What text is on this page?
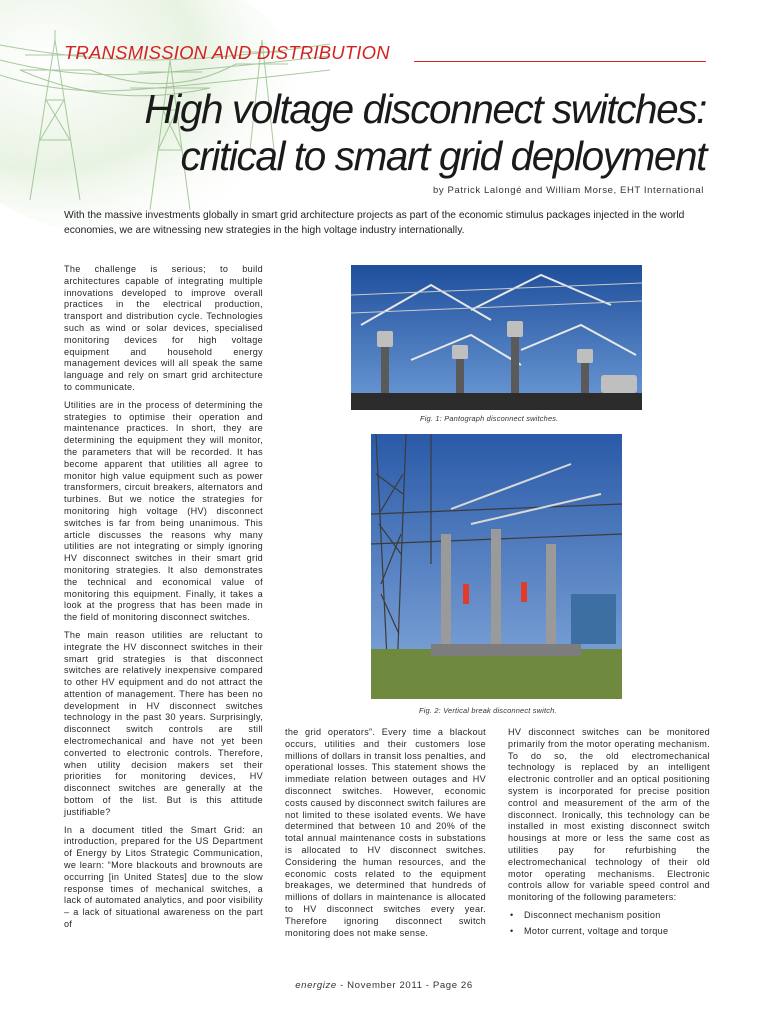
TRANSMISSION AND DISTRIBUTION
High voltage disconnect switches:
critical to smart grid deployment
by Patrick Lalongé and William Morse, EHT International
With the massive investments globally in smart grid architecture projects as part of the economic stimulus packages injected in the world economies, we are witnessing new strategies in the high voltage industry internationally.

The challenge is serious; to build architectures capable of integrating multiple innovations developed to improve overall practices in the electrical production, transport and distribution cycle. Technologies such as wind or solar devices, specialised monitoring devices for high voltage equipment and household energy management devices will all speak the same language and rely on smart grid architecture to communicate.

Utilities are in the process of determining the strategies to optimise their operation and maintenance practices. In short, they are determining the equipment they will monitor, the parameters that will be recorded. It has become apparent that utilities all agree to monitor high value equipment such as power transformers, circuit breakers, alternators and turbines. But we notice the strategies for monitoring high voltage (HV) disconnect switches is far from being unanimous. This article discusses the reasons why many utilities are not integrating or simply ignoring HV disconnect switches in their smart grid monitoring strategies. It also demonstrates the technical and economical value of monitoring this equipment. Finally, it takes a look at the progress that has been made in the field of monitoring disconnect switches.

The main reason utilities are reluctant to integrate the HV disconnect switches in their smart grid strategies is that disconnect switches are relatively inexpensive compared to other HV equipment and do not attract the attention of management. There has been no development in HV disconnect switches technology in the past 30 years. Surprisingly, disconnect switch controls are still electromechanical and have not yet been converted to electronic controls. Therefore, when utility decision makers set their priorities for monitoring devices, HV disconnect switches are generally at the bottom of the list. But is this attitude justifiable?

In a document titled the Smart Grid: an introduction, prepared for the US Department of Energy by Litos Strategic Communication, we learn: “More blackouts and brownouts are occurring [in United States] due to the slow response times of mechanical switches, a lack of automated analytics, and poor visibility – a lack of situational awareness on the part of

Fig. 1: Pantograph disconnect switches.
Fig. 2: Vertical break disconnect switch.

the grid operators”. Every time a blackout occurs, utilities and their customers lose millions of dollars in transit loss penalties, and operational losses. This statement shows the immediate relation between outages and HV disconnect switches. However, economic costs caused by disconnect switch failures are not limited to these isolated events. We have determined that between 10 and 20% of the total annual maintenance costs in substations is allocated to HV disconnect switches. Considering the human resources, and the economic costs related to the equipment breakages, we determined that hundreds of millions of dollars in maintenance is allocated to HV disconnect switches every year. Therefore ignoring disconnect switch monitoring does not make sense.

HV disconnect switches can be monitored primarily from the motor operating mechanism. To do so, the old electromechanical technology is replaced by an intelligent electronic controller and an optical positioning system is incorporated for precise position control and measurement of the arm of the disconnect. Ironically, this technology can be installed in most existing disconnect switch housings at more or less the same cost as utilities pay for refurbishing the electromechanical technology of their old motor operating mechanisms. Electronic controls allow for variable speed control and monitoring of the following parameters:

• Disconnect mechanism position
• Motor current, voltage and torque
energize - November 2011 - Page 26
